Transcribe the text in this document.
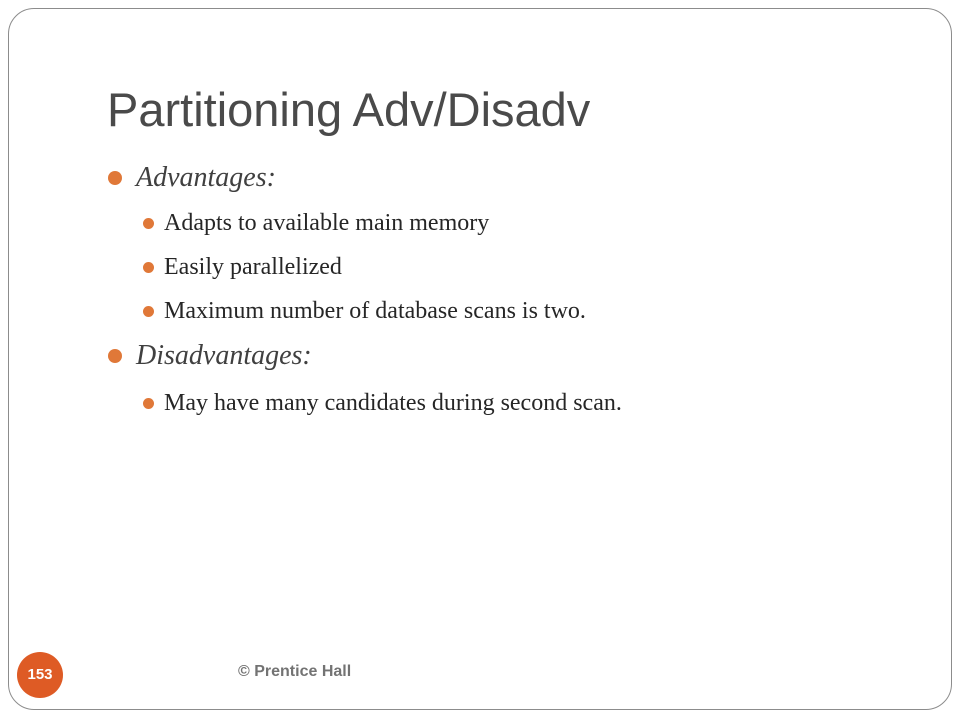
Partitioning Adv/Disadv
Advantages:
Adapts to available main memory
Easily parallelized
Maximum number of database scans is two.
Disadvantages:
May have many candidates during second scan.
153	© Prentice Hall
